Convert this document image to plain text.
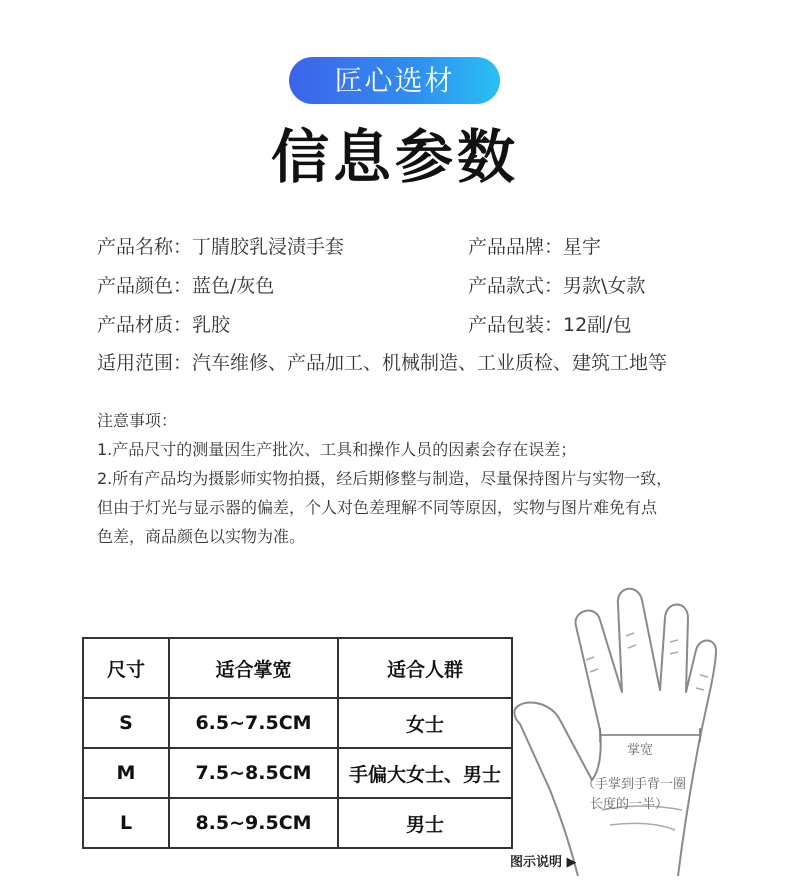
匠心选材
信息参数
产品名称：丁腈胶乳浸渍手套	产品品牌：星宇
产品颜色：蓝色/灰色	产品款式：男款\女款
产品材质：乳胶	产品包装：12副/包
适用范围：汽车维修、产品加工、机械制造、工业质检、建筑工地等
注意事项：
1.产品尺寸的测量因生产批次、工具和操作人员的因素会存在误差；
2.所有产品均为摄影师实物拍摄，经后期修整与制造，尽量保持图片与实物一致，
但由于灯光与显示器的偏差，个人对色差理解不同等原因，实物与图片难免有点
色差，商品颜色以实物为准。
尺寸	适合掌宽	适合人群
S	6.5~7.5CM	女士
M	7.5~8.5CM	手偏大女士、男士
L	8.5~9.5CM	男士
掌宽
（手掌到手背一圈
长度的一半）
图示说明 ▶
